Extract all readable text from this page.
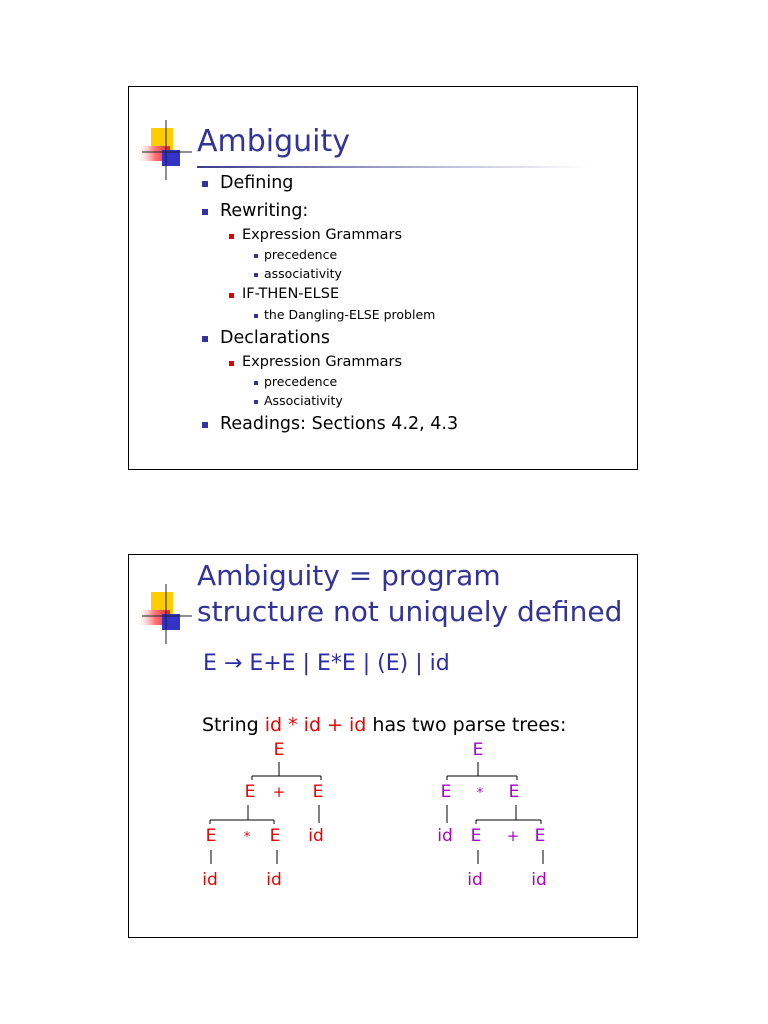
Ambiguity
Defining
Rewriting:
Expression Grammars
precedence
associativity
IF-THEN-ELSE
the Dangling-ELSE problem
Declarations
Expression Grammars
precedence
Associativity
Readings: Sections 4.2, 4.3
Ambiguity = program
structure not uniquely defined
E → E+E | E*E | (E) | id
String id * id + id has two parse trees:
E
E + E
E * E id
id	id
E
E * E
id E + E
id	id
